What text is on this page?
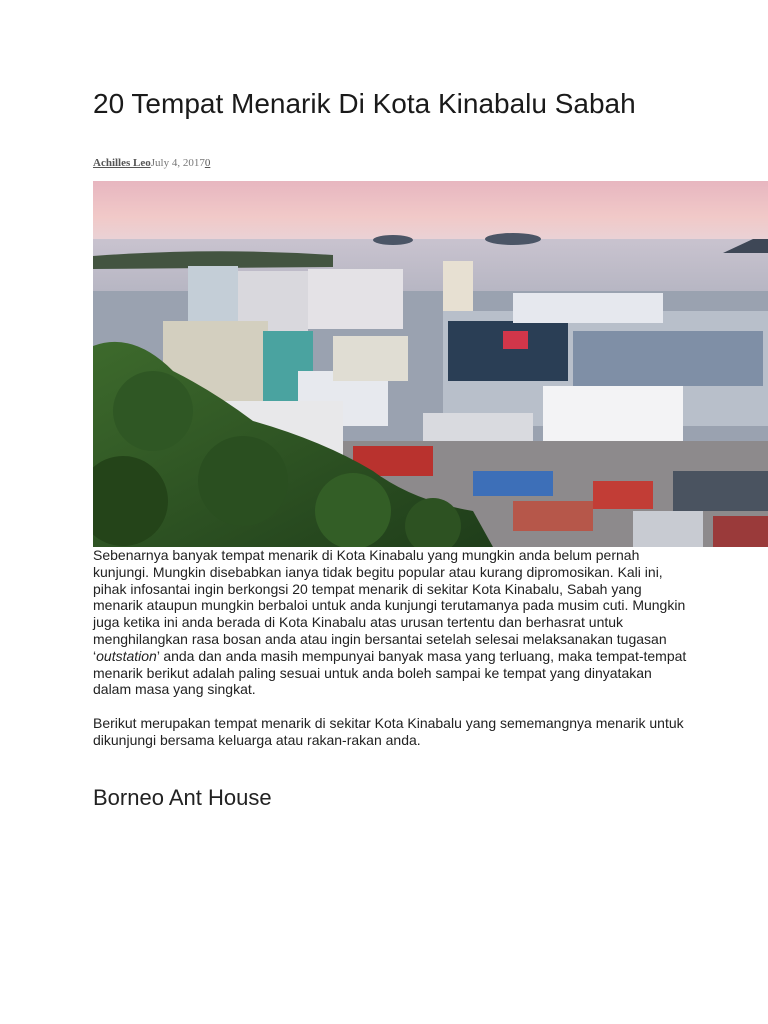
20 Tempat Menarik Di Kota Kinabalu Sabah
Achilles LeoJuly 4, 20170

Sebenarnya banyak tempat menarik di Kota Kinabalu yang mungkin anda belum pernah kunjungi. Mungkin disebabkan ianya tidak begitu popular atau kurang dipromosikan. Kali ini, pihak infosantai ingin berkongsi 20 tempat menarik di sekitar Kota Kinabalu, Sabah yang menarik ataupun mungkin berbaloi untuk anda kunjungi terutamanya pada musim cuti. Mungkin juga ketika ini anda berada di Kota Kinabalu atas urusan tertentu dan berhasrat untuk menghilangkan rasa bosan anda atau ingin bersantai setelah selesai melaksanakan tugasan ‘outstation’ anda dan anda masih mempunyai banyak masa yang terluang, maka tempat-tempat menarik berikut adalah paling sesuai untuk anda boleh sampai ke tempat yang dinyatakan dalam masa yang singkat.

Berikut merupakan tempat menarik di sekitar Kota Kinabalu yang sememangnya menarik untuk dikunjungi bersama keluarga atau rakan-rakan anda.

Borneo Ant House
